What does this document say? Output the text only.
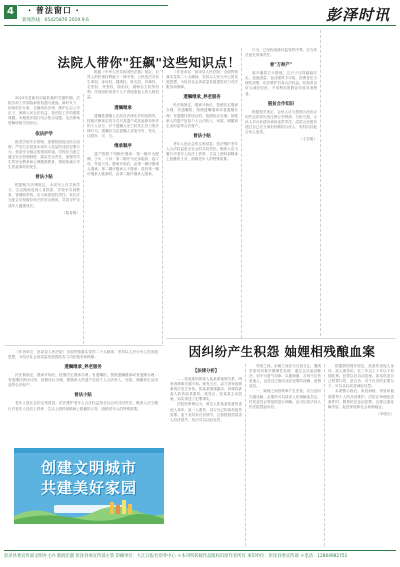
4	· 普法窗口 ·
新闻热线：65425876 2019.9.6	彭泽时讯
法院人带你"狂飙"这些知识点！
2023年是新旧动能转换的关键时期，法院各项工作面临新的机遇与挑战。新时代下，如何依法办案、正确适用法律、维护社会公平正义、保障人民合法权益，是法院工作的重要课题。本期普法窗口结合热点话题，从法律角度解读相关知识点。
依法护学
推进学校安全管理，加强校园周边综合治理，严厉打击侵害未成年人权益的违法犯罪行为，营造安全稳定的校园环境。学校应当建立健全安全管理制度，落实安全责任，加强对学生的安全教育和心理健康教育，预防和减少学生伤害事故的发生。
普法小贴
根据相关法律规定，未成年人在学校学习、生活期间受到人身损害，学校未尽到教育、管理职责的，应当承担侵权责任。家长应当配合学校做好孩子的安全教育，共同守护未成年人健康成长。
（陈星明）
根据《中华人民共和国民法典》规定，自然人的民事权利能力一律平等。公民依法享有生命权、身体权、健康权、姓名权、肖像权、名誉权、荣誉权、隐私权、婚姻自主权等权利。任何组织或者个人不得侵害他人的人格权益。
遗嘱继承
遗嘱是遗嘱人生前在法律允许的范围内，按照法律规定的方式对其遗产或其他事务所作的个人处分，并于遗嘱人死亡时发生效力的法律行为。遗嘱应当由遗嘱人亲笔书写、签名，注明年、月、日。
继承顺序
遗产按照下列顺序继承：第一顺序为配偶、子女、父母；第二顺序为兄弟姐妹、祖父母、外祖父母。继承开始后，由第一顺序继承人继承，第二顺序继承人不继承；没有第一顺序继承人继承的，由第二顺序继承人继承。
（作者单位：彭泽县人民法院）全面贯彻落实党的二十大精神，坚持以人民为中心的发展思想，为经济社会高质量发展提供有力司法服务和保障。
遗嘱继承_养老服务
民法典规定，继承开始后，按照法定继承办理；有遗嘱的，按照遗嘱继承或者遗赠办理；有遗赠扶养协议的，按照协议办理。被继承人的遗产包括个人合法收入、房屋、储蓄和生活用品等合法财产。
普法小贴
老年人是社会的宝贵财富，依法维护老年人合法权益是全社会的共同责任。赡养人应当履行对老年人经济上供养、生活上照料和精神上慰藉的义务，照顾老年人的特殊需要。
行为，已经构成破坏监管秩序罪，应当依法追究刑事责任。
普"万种产"
离开爆款打卡胜地，过日子还得踏踏实实。追逐流量、盲目跟风不可取，消费者应当理性消费，依法维护自身合法权益。经营者也应当诚信经营，不得利用虚假宣传误导消费者。
脱贫合作知识
根据相关规定，合伙人应当按照合伙协议的约定或者出资比例分享利润、分担亏损。合伙人对合伙债务承担连带责任，清偿合伙债务超过自己应当承担份额的合伙人，有权向其他合伙人追偿。
（王若明）
（作者单位：彭泽县人民法院）全面贯彻落实党的二十大精神，坚持以人民为中心的发展思想，为经济社会高质量发展提供有力司法服务和保障。
遗嘱继承_养老服务
民法典规定，继承开始后，按照法定继承办理；有遗嘱的，按照遗嘱继承或者遗赠办理；有遗赠扶养协议的，按照协议办理。被继承人的遗产包括个人合法收入、房屋、储蓄和生活用品等合法财产。
普法小贴
老年人是社会的宝贵财富，依法维护老年人合法权益是全社会的共同责任。赡养人应当履行对老年人经济上供养、生活上照料和精神上慰藉的义务，照顾老年人的特殊需要。
创建文明城市
共建美好家园
因纠纷产生积怨 妯娌相残酿血案
【法律分析】
……张某某和被害人某某系妯娌关系，两家因琐事长期不和。案发当日，双方因家庭琐事再次发生争执，张某某情绪激动，持械将被害人砍伤致其重伤。案发后，张某某主动投案，如实供述了犯罪事实。
法院经审理认为，被告人张某某故意伤害他人身体，致一人重伤，其行为已构成故意伤害罪。鉴于其具有自首情节，且积极赔偿被害人经济损失，依法可以从轻处罚。
邻里之间、亲属之间应当互谅互让，遇到矛盾纠纷要冷静理性处理，通过合法途径解决，切不可意气用事、以暴制暴，否则不仅伤害他人，也将自己推向违法犯罪的深渊，追悔莫及。
一、妯娌之间因琐事产生矛盾，应当及时沟通化解，必要时可以请求人民调解委员会、村民委员会等组织进行调解，也可以依法向人民法院提起诉讼。
根据我国刑法规定，故意伤害他人身体，致人重伤的，处三年以上十年以下有期徒刑。犯罪以后自动投案，如实供述自己的罪行的，是自首，对于自首的犯罪分子，可以从轻或者减轻处罚。
本案警示我们，家庭和睦、邻里和谐需要每个人的共同维护。法院在审理此类案件时，既要依法惩治犯罪，也要注重化解矛盾，促进家庭和社会和谐稳定。
（李明元）
彭泽县委宣传部文明办主办 新闻出版 彭泽县委宣传部主管 印刷单位：九江日报社印务中心 ＊本刊所转载作品版权归原作者所有 承印单位：彭泽县委宣传部 ＊电话：12804982751
